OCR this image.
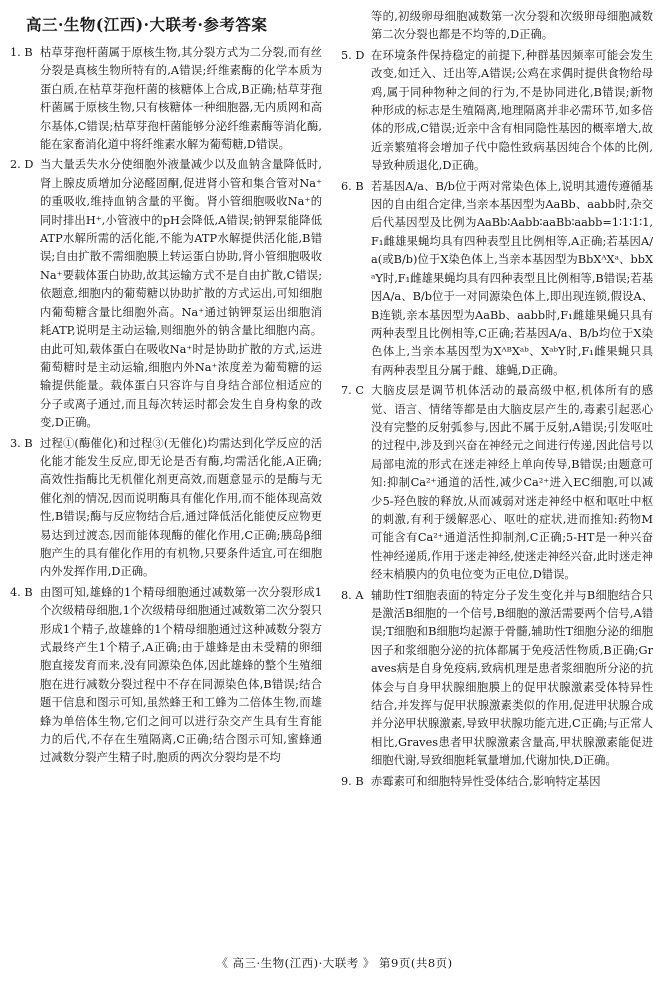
高三·生物(江西)·大联考·参考答案
1. B 枯草芽孢杆菌属于原核生物,其分裂方式为二分裂,而有丝分裂是真核生物所特有的,A错误;纤维素酶的化学本质为蛋白质,在枯草芽孢杆菌的核糖体上合成,B正确;枯草芽孢杆菌属于原核生物,只有核糖体一种细胞器,无内质网和高尔基体,C错误;枯草芽孢杆菌能够分泌纤维素酶等消化酶,能在家畜消化道中将纤维素水解为葡萄糖,D错误。
2. D 当大量丢失水分使细胞外液量减少以及血钠含量降低时,肾上腺皮质增加分泌醛固酮,促进肾小管和集合管对Na⁺的重吸收,维持血钠含量的平衡。肾小管细胞吸收Na⁺的同时排出H⁺,小管液中的pH会降低,A错误;钠钾泵能降低ATP水解所需的活化能,不能为ATP水解提供活化能,B错误;自由扩散不需细胞膜上转运蛋白协助,肾小管细胞吸收Na⁺要载体蛋白协助,故其运输方式不是自由扩散,C错误;依题意,细胞内的葡萄糖以协助扩散的方式运出,可知细胞内葡萄糖含量比细胞外高。Na⁺通过钠钾泵运出细胞消耗ATP,说明是主动运输,则细胞外的钠含量比细胞内高。由此可知,载体蛋白在吸收Na⁺时是协助扩散的方式,运进葡萄糖时是主动运输,细胞内外Na⁺浓度差为葡萄糖的运输提供能量。载体蛋白只容许与自身结合部位相适应的分子或离子通过,而且每次转运时都会发生自身构象的改变,D正确。
3. B 过程①(酶催化)和过程③(无催化)均需达到化学反应的活化能才能发生反应,即无论是否有酶,均需活化能,A正确;高效性指酶比无机催化剂更高效,而题意显示的是酶与无催化剂的情况,因而说明酶具有催化作用,而不能体现高效性,B错误;酶与反应物结合后,通过降低活化能使反应物更易达到过渡态,因而能体现酶的催化作用,C正确;胰岛β细胞产生的具有催化作用的有机物,只要条件适宜,可在细胞内外发挥作用,D正确。
4. B 由图可知,雄蜂的1个精母细胞通过减数第一次分裂形成1个次级精母细胞,1个次级精母细胞通过减数第二次分裂只形成1个精子,故雄蜂的1个精母细胞通过这种减数分裂方式最终产生1个精子,A正确;由于雄蜂是由未受精的卵细胞直接发育而来,没有同源染色体,因此雄蜂的整个生殖细胞在进行减数分裂过程中不存在同源染色体,B错误;结合题干信息和图示可知,虽然蜂王和工蜂为二倍体生物,而雄蜂为单倍体生物,它们之间可以进行杂交产生具有生育能力的后代,不存在生殖隔离,C正确;结合图示可知,蜜蜂通过减数分裂产生精子时,胞质的两次分裂均是不均
等的,初级卵母细胞减数第一次分裂和次级卵母细胞减数第二次分裂也都是不均等的,D正确。
5. D 在环境条件保持稳定的前提下,种群基因频率可能会发生改变,如迁入、迁出等,A错误;公鸡在求偶时提供食物给母鸡,属于同种物种之间的行为,不是协同进化,B错误;新物种形成的标志是生殖隔离,地理隔离并非必需环节,如多倍体的形成,C错误;近亲中含有相同隐性基因的概率增大,故近亲繁殖将会增加子代中隐性致病基因纯合个体的比例,导致种质退化,D正确。
6. B 若基因A/a、B/b位于两对常染色体上,说明其遗传遵循基因的自由组合定律,当亲本基因型为AaBb、aabb时,杂交后代基因型及比例为AaBb∶Aabb∶aaBb∶aabb=1∶1∶1∶1,F₁雌雄果蝇均具有四种表型且比例相等,A正确;若基因A/a(或B/b)位于X染色体上,当亲本基因型为BbXᴬXᵃ、bbXᵃY时,F₁雌雄果蝇均具有四种表型且比例相等,B错误;若基因A/a、B/b位于一对同源染色体上,即出现连锁,假设A、B连锁,亲本基因型为AaBb、aabb时,F₁雌雄果蝇只具有两种表型且比例相等,C正确;若基因A/a、B/b均位于X染色体上,当亲本基因型为XᴬᴮXᵃᵇ、XᵃᵇY时,F₁雌果蝇只具有两种表型且分属于雌、雄蝇,D正确。
7. C 大脑皮层是调节机体活动的最高级中枢,机体所有的感觉、语言、情绪等都是由大脑皮层产生的,毒素引起恶心没有完整的反射弧参与,因此不属于反射,A错误;引发呕吐的过程中,涉及到兴奋在神经元之间进行传递,因此信号以局部电流的形式在迷走神经上单向传导,B错误;由题意可知:抑制Ca²⁺通道的活性,减少Ca²⁺进入EC细胞,可以减少5-羟色胺的释放,从而减弱对迷走神经中枢和呕吐中枢的刺激,有利于缓解恶心、呕吐的症状,进而推知:药物M可能含有Ca²⁺通道活性抑制剂,C正确;5-HT是一种兴奋性神经递质,作用于迷走神经,使迷走神经兴奋,此时迷走神经末梢膜内的负电位变为正电位,D错误。
8. A 辅助性T细胞表面的特定分子发生变化并与B细胞结合只是激活B细胞的一个信号,B细胞的激活需要两个信号,A错误;T细胞和B细胞均起源于骨髓,辅助性T细胞分泌的细胞因子和浆细胞分泌的抗体都属于免疫活性物质,B正确;Graves病是自身免疫病,致病机理是患者浆细胞所分泌的抗体会与自身甲状腺细胞膜上的促甲状腺激素受体特异性结合,并发挥与促甲状腺激素类似的作用,促进甲状腺合成并分泌甲状腺激素,导致甲状腺功能亢进,C正确;与正常人相比,Graves患者甲状腺激素含量高,甲状腺激素能促进细胞代谢,导致细胞耗氧量增加,代谢加快,D正确。
9. B 赤霉素可和细胞特异性受体结合,影响特定基因
《 高三·生物(江西)·大联考 》 第9页(共8页)
